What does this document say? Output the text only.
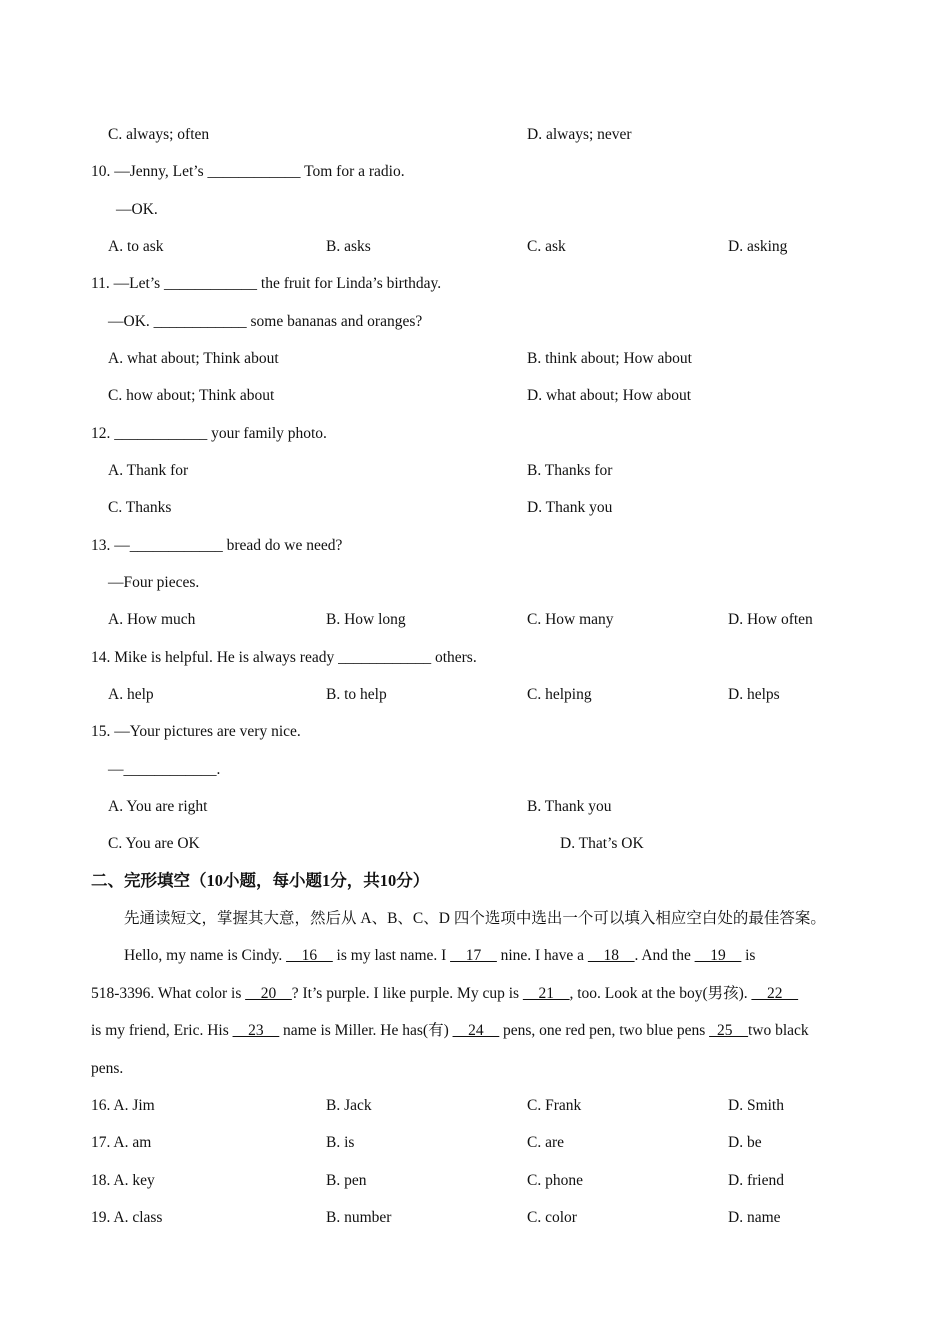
C. always; often	D. always; never
10. —Jenny, Let’s ____________ Tom for a radio.
—OK.
A. to ask	B. asks	C. ask	D. asking
11. —Let’s ____________ the fruit for Linda’s birthday.
—OK. ____________ some bananas and oranges?
A. what about; Think about	B. think about; How about
C. how about; Think about	D. what about; How about
12. ____________ your family photo.
A. Thank for	B. Thanks for
C. Thanks	D. Thank you
13. —____________ bread do we need?
—Four pieces.
A. How much	B. How long	C. How many	D. How often
14. Mike is helpful. He is always ready ____________ others.
A. help	B. to help	C. helping	D. helps
15. —Your pictures are very nice.
—____________.
A. You are right	B. Thank you
C. You are OK	D. That’s OK
二、完形填空（10小题，每小题1分，共10分）
先通读短文，掌握其大意，然后从 A、B、C、D 四个选项中选出一个可以填入相应空白处的最佳答案。
Hello, my name is Cindy. __16__ is my last name. I __17__ nine. I have a __18__. And the __19__ is
518-3396. What color is __20__? It’s purple. I like purple. My cup is __21__, too. Look at the boy(男孩). __22__
is my friend, Eric. His __23__ name is Miller. He has(有) __24__ pens, one red pen, two blue pens _25__two black
pens.
16. A. Jim	B. Jack	C. Frank	D. Smith
17. A. am	B. is	C. are	D. be
18. A. key	B. pen	C. phone	D. friend
19. A. class	B. number	C. color	D. name
